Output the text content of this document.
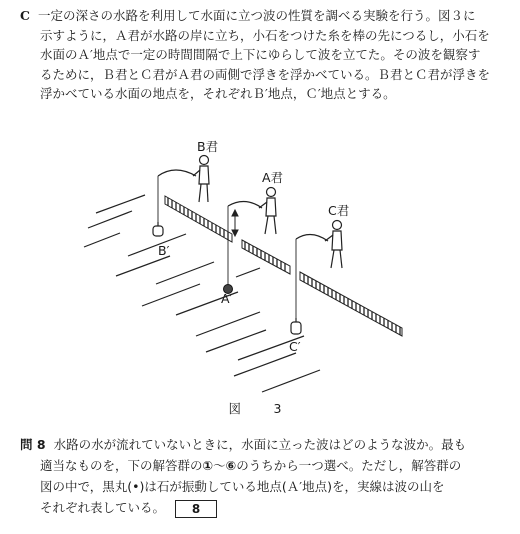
C 一定の深さの水路を利用して水面に立つ波の性質を調べる実験を行う。図３に
示すように，Ａ君が水路の岸に立ち，小石をつけた糸を棒の先につるし，小石を
水面のＡ′地点で一定の時間間隔で上下にゆらして波を立てた。その波を観察す
るために，Ｂ君とＣ君がＡ君の両側で浮きを浮かべている。Ｂ君とＣ君が浮きを
浮かべている水面の地点を，それぞれＢ′地点，Ｃ′地点とする。
B君
A君
C君
B′
A′
C′
図　3
問 8 水路の水が流れていないときに，水面に立った波はどのような波か。最も
適当なものを，下の解答群の①～⑥のうちから一つ選べ。ただし，解答群の
図の中で，黒丸(•)は石が振動している地点(Ａ′地点)を，実線は波の山を
それぞれ表している。 8
